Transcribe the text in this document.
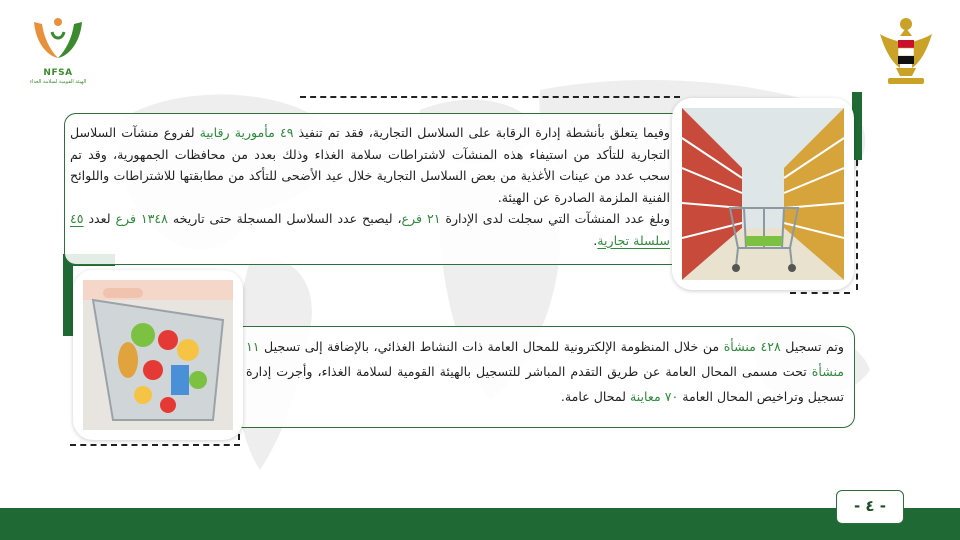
NFSA
الهيئة القومية لسلامة الغذاء
وفيما يتعلق بأنشطة إدارة الرقابة على السلاسل التجارية، فقد تم تنفيذ ٤٩ مأمورية رقابية لفروع منشآت السلاسل التجارية للتأكد من استيفاء هذه المنشآت لاشتراطات سلامة الغذاء وذلك بعدد من محافظات الجمهورية، وقد تم سحب عدد من عينات الأغذية من بعض السلاسل التجارية خلال عيد الأضحى للتأكد من مطابقتها للاشتراطات واللوائح الفنية الملزمة الصادرة عن الهيئة.
وبلغ عدد المنشآت التي سجلت لدى الإدارة ٢١ فرع، ليصبح عدد السلاسل المسجلة حتى تاريخه ١٣٤٨ فرع لعدد ٤٥ سلسلة تجارية.
وتم تسجيل ٤٢٨ منشأة من خلال المنظومة الإلكترونية للمحال العامة ذات النشاط الغذائي، بالإضافة إلى تسجيل ١١ منشأة تحت مسمى المحال العامة عن طريق التقدم المباشر للتسجيل بالهيئة القومية لسلامة الغذاء، وأجرت إدارة تسجيل وتراخيص المحال العامة ٧٠ معاينة لمحال عامة.
- ٤ -
